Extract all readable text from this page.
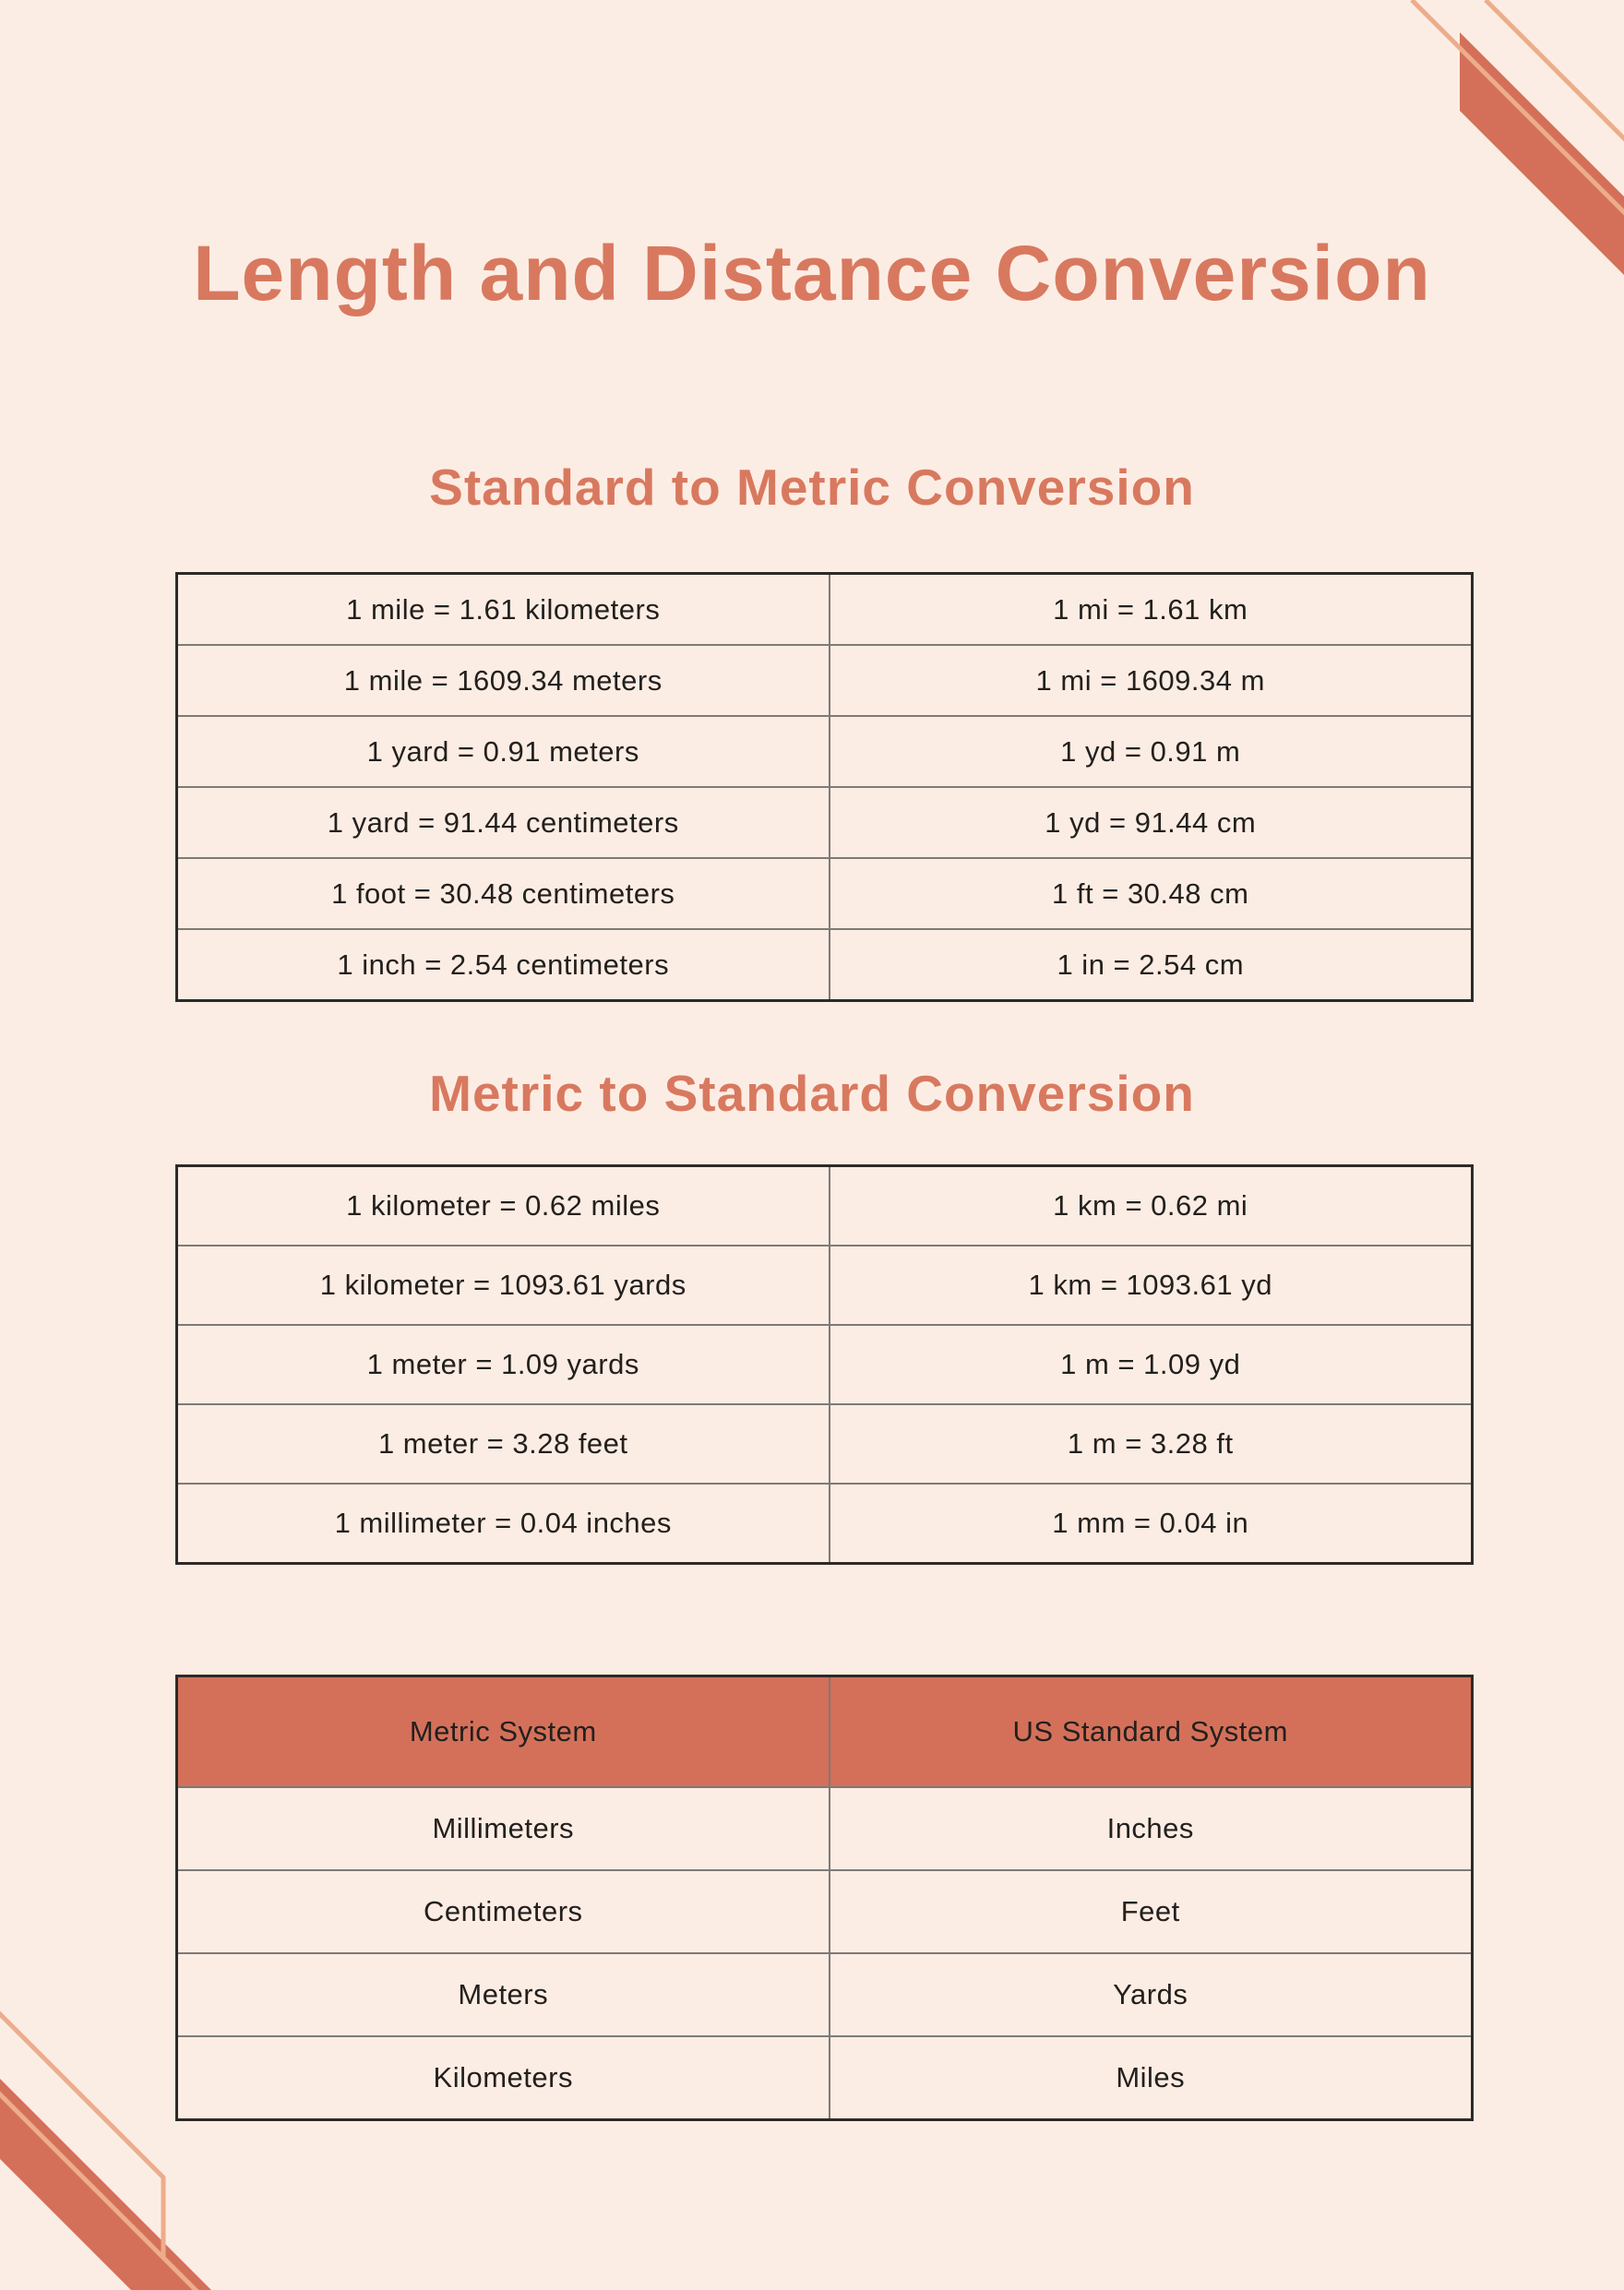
Length and Distance Conversion
Standard to Metric Conversion
1 mile = 1.61 kilometers	1 mi = 1.61 km
1 mile = 1609.34 meters	1 mi = 1609.34 m
1 yard = 0.91 meters	1 yd = 0.91 m
1 yard = 91.44 centimeters	1 yd = 91.44 cm
1 foot = 30.48 centimeters	1 ft = 30.48 cm
1 inch = 2.54 centimeters	1 in = 2.54 cm
Metric to Standard Conversion
1 kilometer = 0.62 miles	1 km = 0.62 mi
1 kilometer = 1093.61 yards	1 km = 1093.61 yd
1 meter = 1.09 yards	1 m = 1.09 yd
1 meter = 3.28 feet	1 m = 3.28 ft
1 millimeter = 0.04 inches	1 mm = 0.04 in
Metric System	US Standard System
Millimeters	Inches
Centimeters	Feet
Meters	Yards
Kilometers	Miles
